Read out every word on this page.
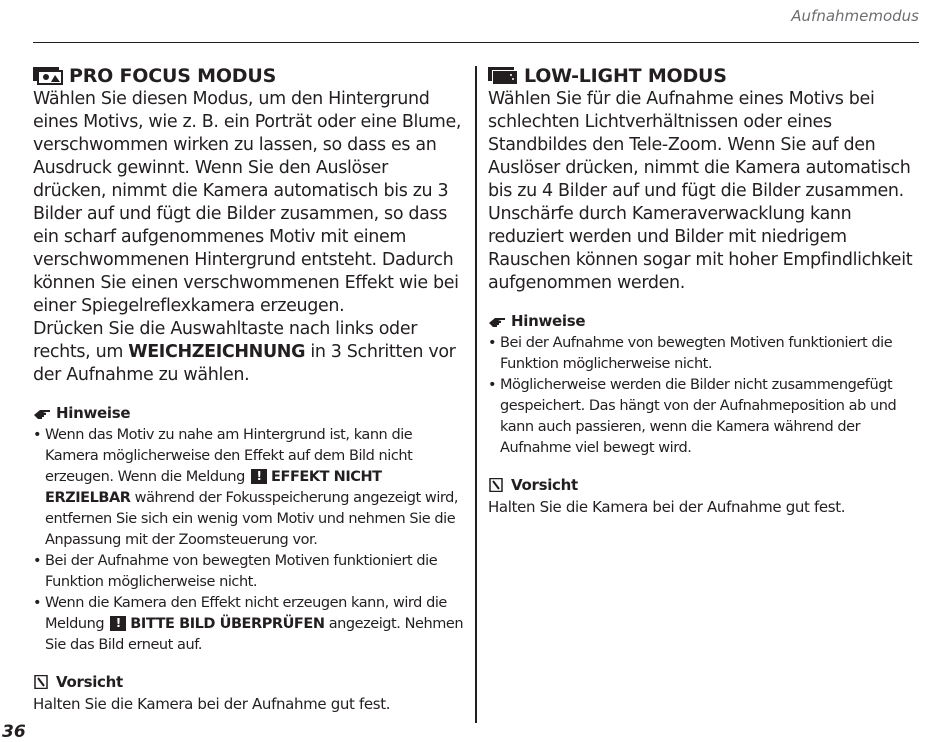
Aufnahmemodus
PRO FOCUS MODUS

Wählen Sie diesen Modus, um den Hintergrund eines Motivs, wie z. B. ein Porträt oder eine Blume, verschwommen wirken zu lassen, so dass es an Ausdruck gewinnt. Wenn Sie den Auslöser drücken, nimmt die Kamera automatisch bis zu 3 Bilder auf und fügt die Bilder zusammen, so dass ein scharf aufgenommenes Motiv mit einem verschwommenen Hintergrund entsteht. Dadurch können Sie einen verschwommenen Effekt wie bei einer Spiegelreflexkamera erzeugen.

Drücken Sie die Auswahltaste nach links oder rechts, um WEICHZEICHNUNG in 3 Schritten vor der Aufnahme zu wählen.

Hinweise
• Wenn das Motiv zu nahe am Hintergrund ist, kann die Kamera möglicherweise den Effekt auf dem Bild nicht erzeugen. Wenn die Meldung ! EFFEKT NICHT ERZIELBAR während der Fokusspeicherung angezeigt wird, entfernen Sie sich ein wenig vom Motiv und nehmen Sie die Anpassung mit der Zoomsteuerung vor.
• Bei der Aufnahme von bewegten Motiven funktioniert die Funktion möglicherweise nicht.
• Wenn die Kamera den Effekt nicht erzeugen kann, wird die Meldung ! BITTE BILD ÜBERPRÜFEN angezeigt. Nehmen Sie das Bild erneut auf.
Vorsicht

Halten Sie die Kamera bei der Aufnahme gut fest.

LOW-LIGHT MODUS

Wählen Sie für die Aufnahme eines Motivs bei schlechten Lichtverhältnissen oder eines Standbildes den Tele-Zoom. Wenn Sie auf den Auslöser drücken, nimmt die Kamera automatisch bis zu 4 Bilder auf und fügt die Bilder zusammen. Unschärfe durch Kameraverwacklung kann reduziert werden und Bilder mit niedrigem Rauschen können sogar mit hoher Empfindlichkeit aufgenommen werden.

Hinweise
• Bei der Aufnahme von bewegten Motiven funktioniert die Funktion möglicherweise nicht.
• Möglicherweise werden die Bilder nicht zusammengefügt gespeichert. Das hängt von der Aufnahmeposition ab und kann auch passieren, wenn die Kamera während der Aufnahme viel bewegt wird.
Vorsicht

Halten Sie die Kamera bei der Aufnahme gut fest.

36
